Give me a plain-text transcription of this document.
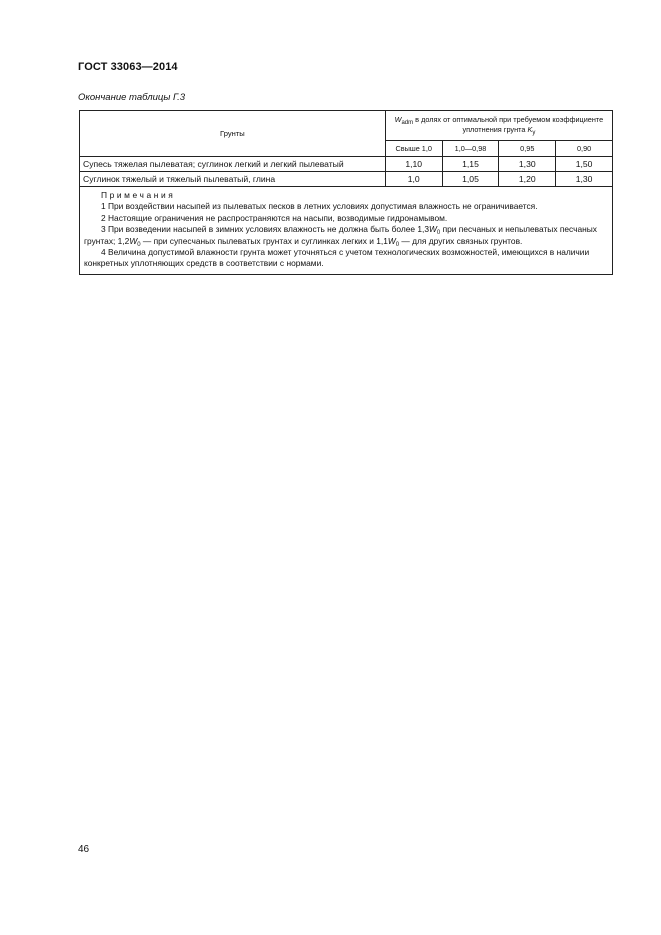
ГОСТ 33063—2014
Окончание таблицы Г.3
Грунты	$W_{adm}$ в долях от оптимальной при требуемом коэффициенте уплотнения грунта $K_y$
	Свыше 1,0	1,0—0,98	0,95	0,90
Супесь тяжелая пылеватая; суглинок легкий и легкий пылеватый	1,10	1,15	1,30	1,50
Суглинок тяжелый и тяжелый пылеватый, глина	1,0	1,05	1,20	1,30

Примечания
1 При воздействии насыпей из пылеватых песков в летних условиях допустимая влажность не ограничивается.
2 Настоящие ограничения не распространяются на насыпи, возводимые гидронамывом.
3 При возведении насыпей в зимних условиях влажность не должна быть более $1,3W_0$ при песчаных и непылеватых песчаных грунтах; $1,2W_0$ — при супесчаных пылеватых грунтах и суглинках легких и $1,1W_0$ — для других связных грунтов.
4 Величина допустимой влажности грунта может уточняться с учетом технологических возможностей, имеющихся в наличии конкретных уплотняющих средств в соответствии с нормами.				
46
